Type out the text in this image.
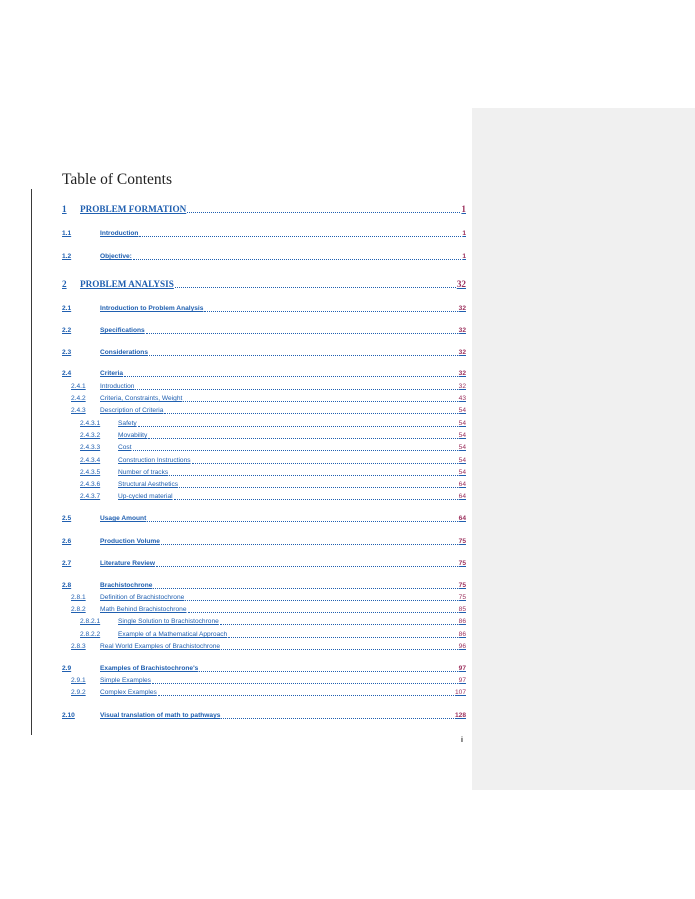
Table of Contents
1	PROBLEM FORMATION	1
1.1	Introduction	1
1.2	Objective:	1
2	PROBLEM ANALYSIS	32
2.1	Introduction to Problem Analysis	32
2.2	Specifications	32
2.3	Considerations	32
2.4	Criteria	32
2.4.1	Introduction	32
2.4.2	Criteria, Constraints, Weight	43
2.4.3	Description of Criteria	54
2.4.3.1	Safety	54
2.4.3.2	Movability	54
2.4.3.3	Cost	54
2.4.3.4	Construction Instructions	54
2.4.3.5	Number of tracks	54
2.4.3.6	Structural Aesthetics	64
2.4.3.7	Up-cycled material	64
2.5	Usage Amount	64
2.6	Production Volume	75
2.7	Literature Review	75
2.8	Brachistochrone	75
2.8.1	Definition of Brachistochrone	75
2.8.2	Math Behind Brachistochrone	85
2.8.2.1	Single Solution to Brachistochrone	86
2.8.2.2	Example of a Mathematical Approach	86
2.8.3	Real World Examples of Brachistochrone	96
2.9	Examples of Brachistochrone's	97
2.9.1	Simple Examples	97
2.9.2	Complex Examples	107
2.10	Visual translation of math to pathways	128
i
